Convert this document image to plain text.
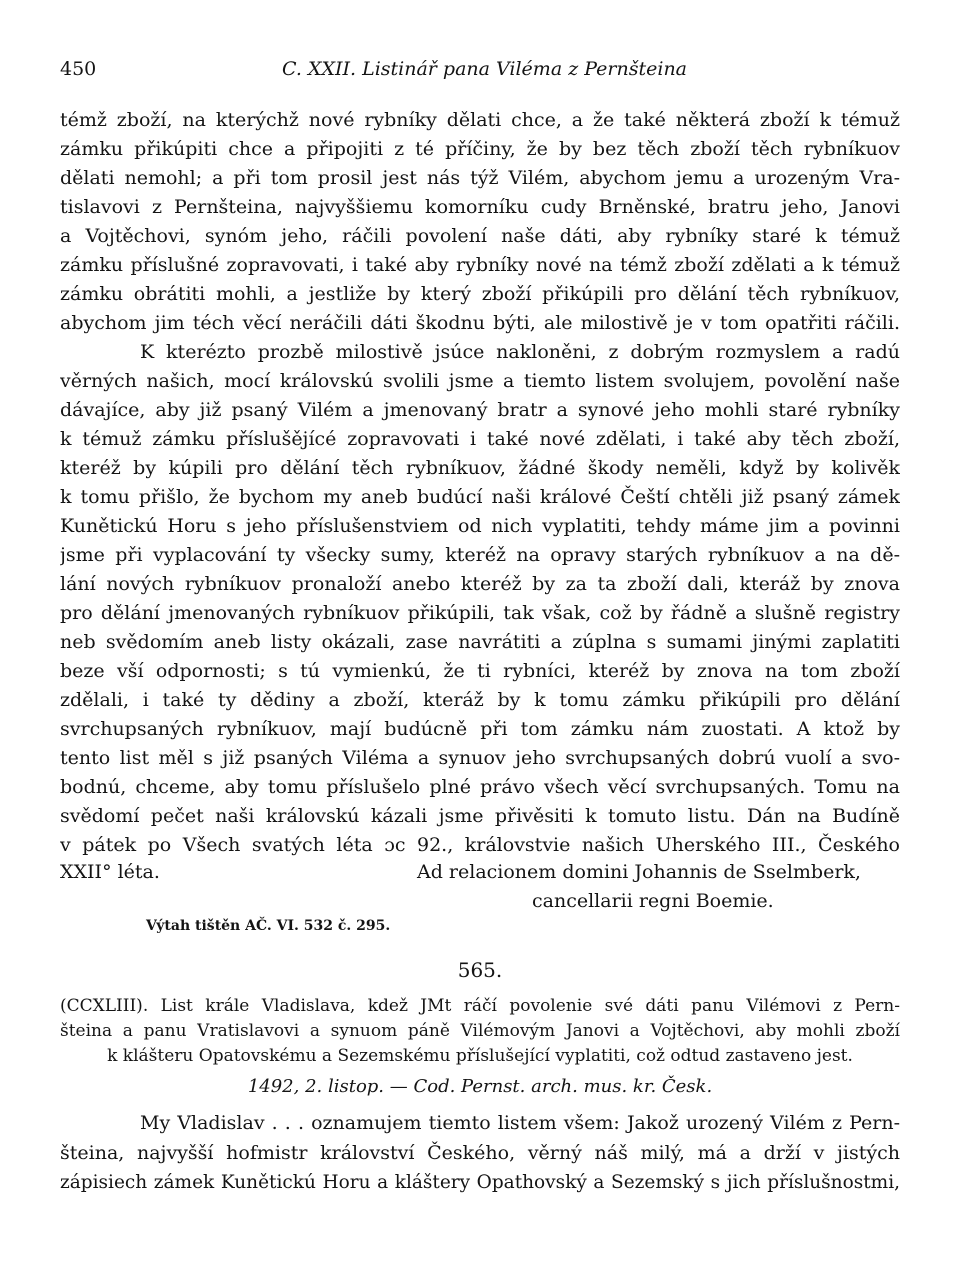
450	C. XXII. Listinář pana Viléma z Pernšteina
témž zboží, na kterýchž nové rybníky dělati chce, a že také některá zboží k témuž
zámku přikúpiti chce a připojiti z té příčiny, že by bez těch zboží těch rybníkuov
dělati nemohl; a při tom prosil jest nás týž Vilém, abychom jemu a urozeným Vra-
tislavovi z Pernšteina, najvyššiemu komorníku cudy Brněnské, bratru jeho, Janovi
a Vojtěchovi, synóm jeho, ráčili povolení naše dáti, aby rybníky staré k témuž
zámku příslušné zopravovati, i také aby rybníky nové na témž zboží zdělati a k témuž
zámku obrátiti mohli, a jestliže by který zboží přikúpili pro dělání těch rybníkuov,
abychom jim téch věcí neráčili dáti škodnu býti, ale milostivě je v tom opatřiti ráčili.
K kterézto prozbě milostivě jsúce nakloněni, z dobrým rozmyslem a radú
věrných našich, mocí královskú svolili jsme a tiemto listem svolujem, povolění naše
dávajíce, aby již psaný Vilém a jmenovaný bratr a synové jeho mohli staré rybníky
k témuž zámku příslušějícé zopravovati i také nové zdělati, i také aby těch zboží,
kteréž by kúpili pro dělání těch rybníkuov, žádné škody neměli, když by kolivěk
k tomu přišlo, že bychom my aneb budúcí naši králové Čeští chtěli již psaný zámek
Kunětickú Horu s jeho příslušenstviem od nich vyplatiti, tehdy máme jim a povinni
jsme při vyplacování ty všecky sumy, kteréž na opravy starých rybníkuov a na dě-
lání nových rybníkuov pronaloží anebo kteréž by za ta zboží dali, kteráž by znova
pro dělání jmenovaných rybníkuov přikúpili, tak však, což by řádně a slušně registry
neb svědomím aneb listy okázali, zase navrátiti a zúplna s sumami jinými zaplatiti
beze vší odpornosti; s tú vymienkú, že ti rybníci, kteréž by znova na tom zboží
zdělali, i také ty dědiny a zboží, kteráž by k tomu zámku přikúpili pro dělání
svrchupsaných rybníkuov, mají budúcně při tom zámku nám zuostati. A ktož by
tento list měl s již psaných Viléma a synuov jeho svrchupsaných dobrú vuolí a svo-
bodnú, chceme, aby tomu příslušelo plné právo všech věcí svrchupsaných. Tomu na
svědomí pečet naši královskú kázali jsme přivěsiti k tomuto listu. Dán na Budíně
v pátek po Všech svatých léta ɔc 92., královstvie našich Uherského III., Českého
XXII° léta.	Ad relacionem domini Johannis de Sselmberk,
cancellarii regni Boemie.
Výtah tištěn AČ. VI. 532 č. 295.
565.
(CCXLIII). List krále Vladislava, kdež JMt ráčí povolenie své dáti panu Vilémovi z Pern-
šteina a panu Vratislavovi a synuom páně Vilémovým Janovi a Vojtěchovi, aby mohli zboží
k klášteru Opatovskému a Sezemskému příslušející vyplatiti, což odtud zastaveno jest.
1492, 2. listop. — Cod. Pernst. arch. mus. kr. Česk.
My Vladislav . . . oznamujem tiemto listem všem: Jakož urozený Vilém z Pern-
šteina, najvyšší hofmistr království Českého, věrný náš milý, má a drží v jistých
zápisiech zámek Kunětickú Horu a kláštery Opathovský a Sezemský s jich příslušnostmi,
